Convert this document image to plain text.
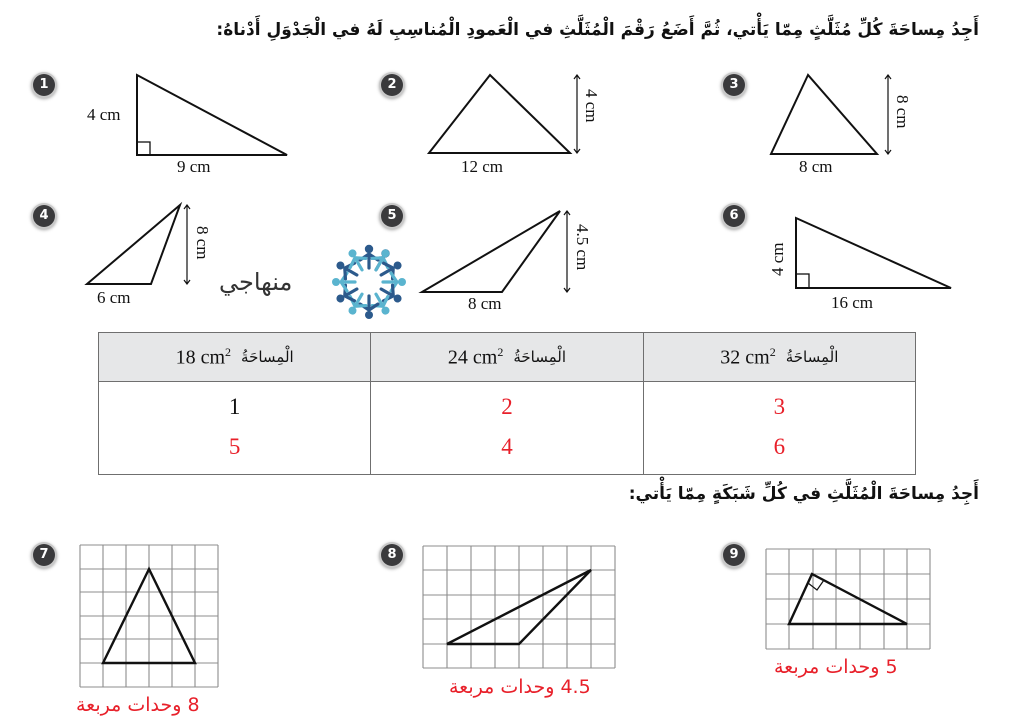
أَجِدُ مِساحَةَ كُلِّ مُثَلَّثٍ مِمّا يَأْتي، ثُمَّ أَضَعُ رَقْمَ الْمُثَلَّثِ في الْعَمودِ الْمُناسِبِ لَهُ في الْجَدْوَلِ أَدْناهُ:
1
4 cm
9 cm
2
4 cm
12 cm
3
8 cm
8 cm
4
8 cm
6 cm
منهاجي
5
4.5 cm
8 cm
6
4 cm
16 cm
18 $cm^2$ الْمِساحَةُ	24 $cm^2$ الْمِساحَةُ	32 $cm^2$ الْمِساحَةُ

1	2	3
5	4	6
أَجِدُ مِساحَةَ الْمُثَلَّثِ في كُلِّ شَبَكَةٍ مِمّا يَأْتي:
7
8 وحدات مربعة
8
4.5 وحدات مربعة
9
5 وحدات مربعة
